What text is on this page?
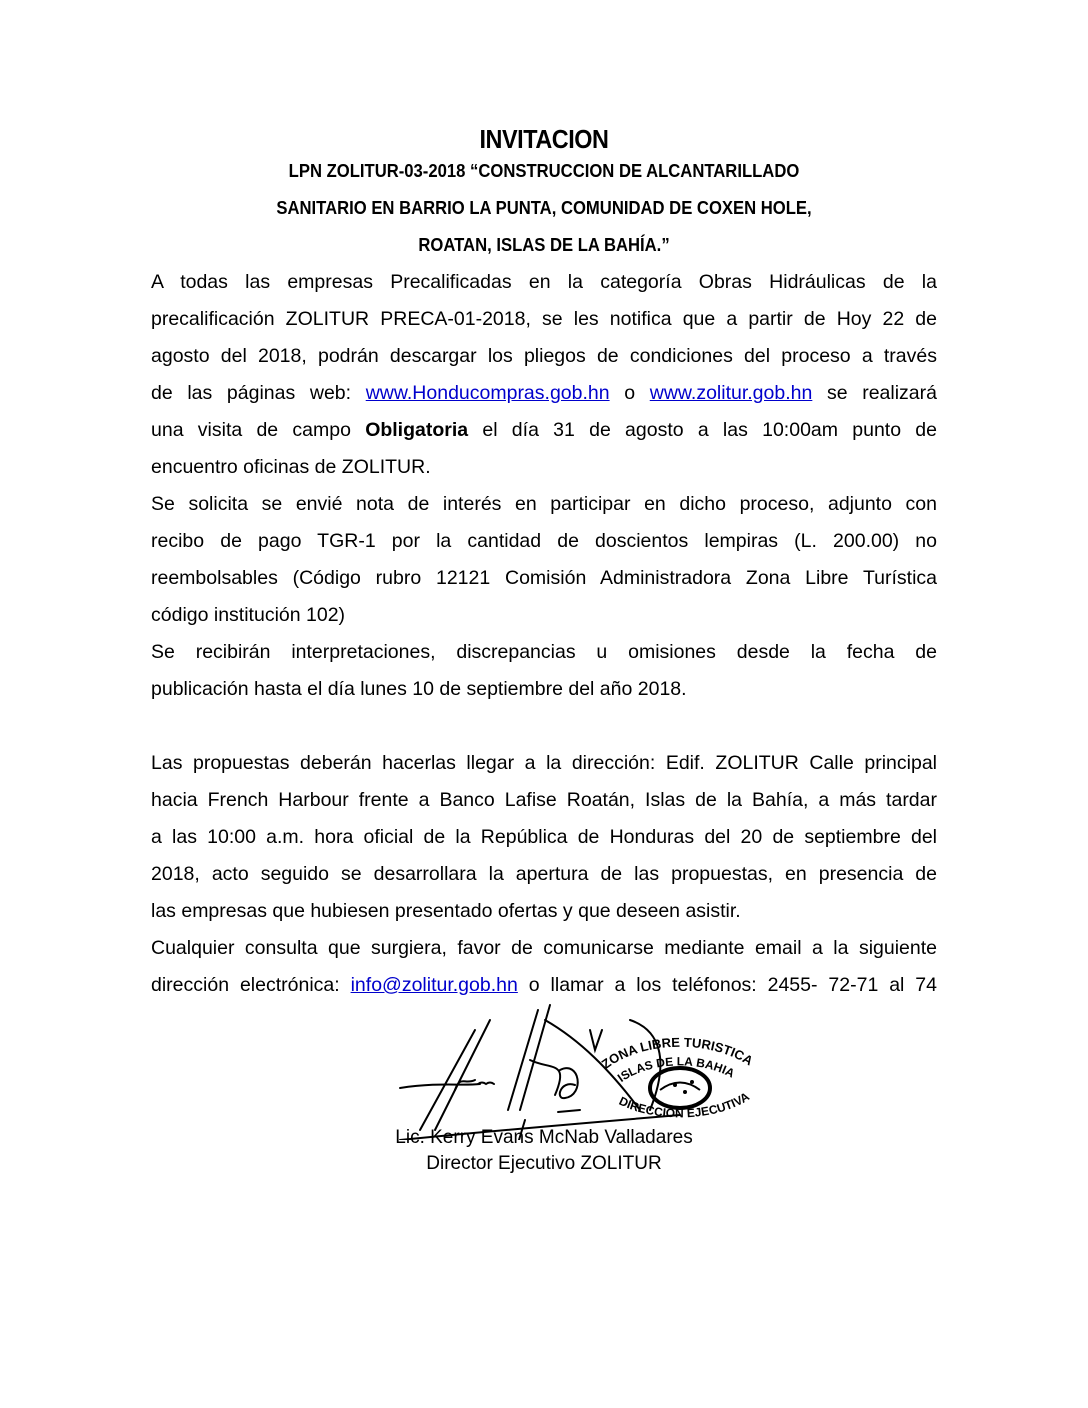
INVITACION
LPN ZOLITUR-03-2018 “CONSTRUCCION DE ALCANTARILLADO
SANITARIO EN BARRIO LA PUNTA, COMUNIDAD DE COXEN HOLE,
ROATAN, ISLAS DE LA BAHÍA.”
A todas las empresas Precalificadas en la categoría Obras Hidráulicas de la
precalificación ZOLITUR PRECA-01-2018, se les notifica que a partir de Hoy 22 de
agosto del 2018, podrán descargar los pliegos de condiciones del proceso a través
de las páginas web: www.Honducompras.gob.hn o www.zolitur.gob.hn se realizará
una visita de campo Obligatoria el día 31 de agosto a las 10:00am punto de
encuentro oficinas de ZOLITUR.
Se solicita se envié nota de interés en participar en dicho proceso, adjunto con
recibo de pago TGR-1 por la cantidad de doscientos lempiras (L. 200.00) no
reembolsables (Código rubro 12121 Comisión Administradora Zona Libre Turística
código institución 102)
Se recibirán interpretaciones, discrepancias u omisiones desde la fecha de
publicación hasta el día lunes 10 de septiembre del año 2018.
Las propuestas deberán hacerlas llegar a la dirección: Edif. ZOLITUR Calle principal
hacia French Harbour frente a Banco Lafise Roatán, Islas de la Bahía, a más tardar
a las 10:00 a.m. hora oficial de la República de Honduras del 20 de septiembre del
2018, acto seguido se desarrollara la apertura de las propuestas, en presencia de
las empresas que hubiesen presentado ofertas y que deseen asistir.
Cualquier consulta que surgiera, favor de comunicarse mediante email a la siguiente
dirección electrónica: info@zolitur.gob.hn o llamar a los teléfonos: 2455- 72-71 al 74
ZONA LIBRE TURISTICA
ISLAS DE LA BAHIA
DIRECCION EJECUTIVA
Lic. Kerry Evans McNab Valladares
Director Ejecutivo ZOLITUR
